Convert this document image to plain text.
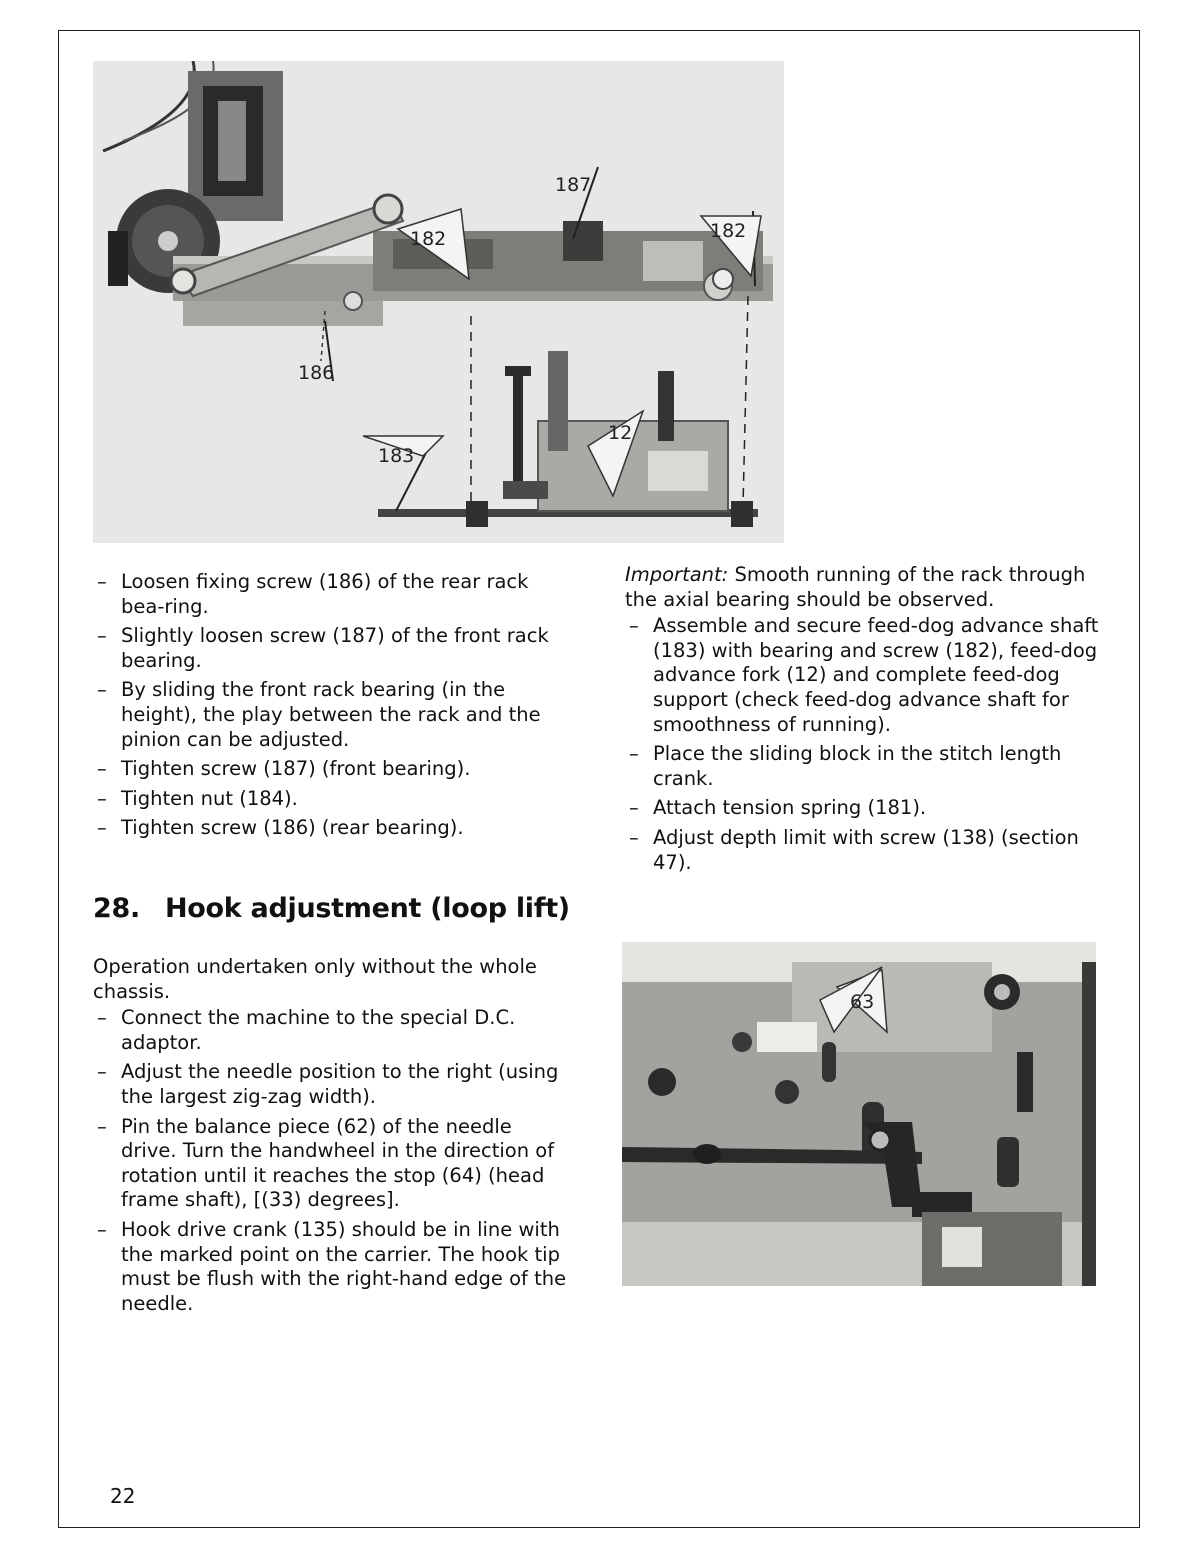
187
182	182
186
183
12
– Loosen fixing screw (186) of the rear rack bea-ring.
– Slightly loosen screw (187) of the front rack bearing.
– By sliding the front rack bearing (in the height), the play between the rack and the pinion can be adjusted.
– Tighten screw (187) (front bearing).
– Tighten nut (184).
– Tighten screw (186) (rear bearing).

Important: Smooth running of the rack through the axial bearing should be observed.

– Assemble and secure feed-dog advance shaft (183) with bearing and screw (182), feed-dog advance fork (12) and complete feed-dog support (check feed-dog advance shaft for smoothness of running).
– Place the sliding block in the stitch length crank.
– Attach tension spring (181).
– Adjust depth limit with screw (138) (section 47).
28. Hook adjustment (loop lift)

Operation undertaken only without the whole chassis.

– Connect the machine to the special D.C. adaptor.
– Adjust the needle position to the right (using the largest zig-zag width).
– Pin the balance piece (62) of the needle drive. Turn the handwheel in the direction of rotation until it reaches the stop (64) (head frame shaft), [(33) degrees].
– Hook drive crank (135) should be in line with the marked point on the carrier. The hook tip must be flush with the right-hand edge of the needle.
63
22
